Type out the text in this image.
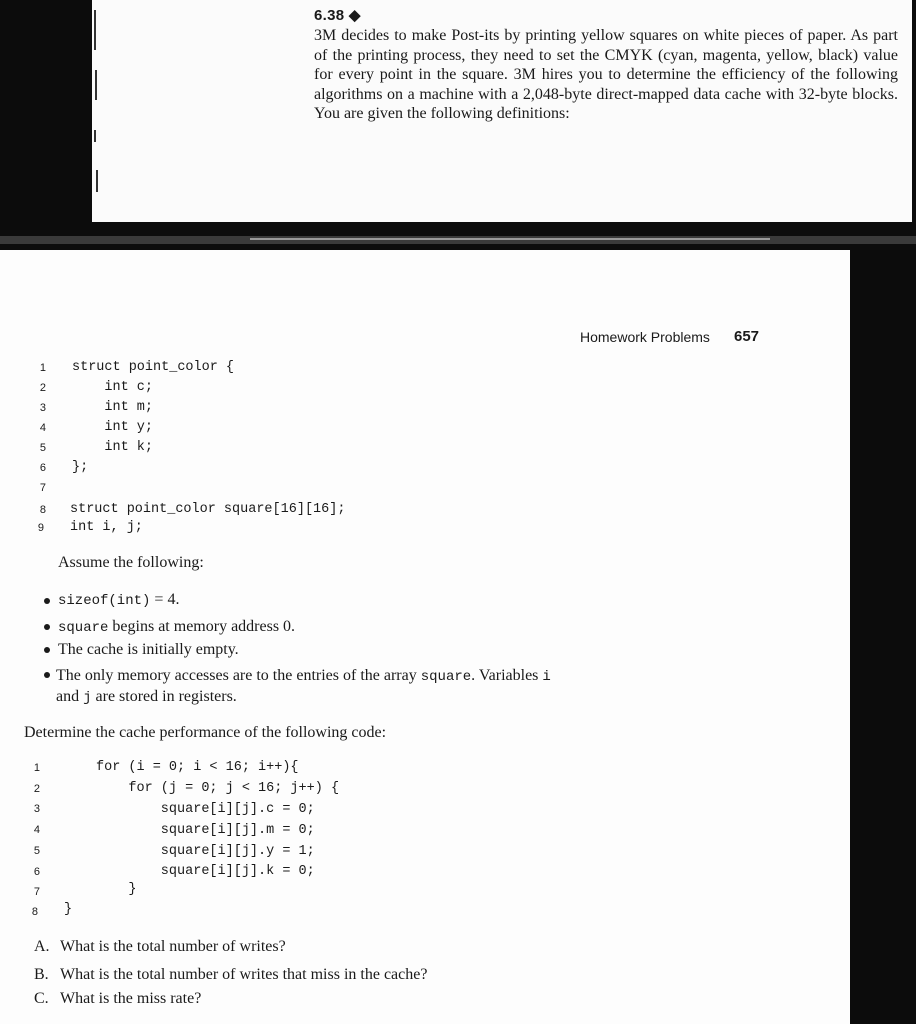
6.38 ◆
3M decides to make Post-its by printing yellow squares on white pieces of paper. As part of the printing process, they need to set the CMYK (cyan, magenta, yellow, black) value for every point in the square. 3M hires you to determine the efficiency of the following algorithms on a machine with a 2,048-byte direct-mapped data cache with 32-byte blocks. You are given the following definitions:
Homework Problems 657
1
2
3
4
5
6
7
8
9
struct point_color {
int c;
int m;
int y;
int k;
};
struct point_color square[16][16];
int i, j;
Assume the following:
sizeof(int) = 4.
square begins at memory address 0.
The cache is initially empty.
The only memory accesses are to the entries of the array square. Variables i
and j are stored in registers.
Determine the cache performance of the following code:
1
2
3
4
5
6
7
8
for (i = 0; i < 16; i++){
for (j = 0; j < 16; j++) {
square[i][j].c = 0;
square[i][j].m = 0;
square[i][j].y = 1;
square[i][j].k = 0;
}
}
A. What is the total number of writes?
B. What is the total number of writes that miss in the cache?
C. What is the miss rate?
